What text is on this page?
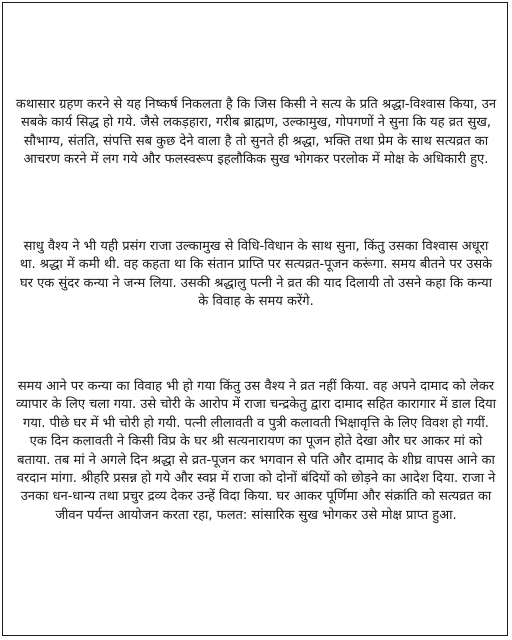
कथासार ग्रहण करने से यह निष्कर्ष निकलता है कि जिस किसी ने सत्य के प्रति श्रद्धा-विश्वास किया, उन सबके कार्य सिद्ध हो गये. जैसे लकड़हारा, गरीब ब्राह्मण, उल्कामुख, गोपगणों ने सुना कि यह व्रत सुख, सौभाग्य, संतति, संपत्ति सब कुछ देने वाला है तो सुनते ही श्रद्धा, भक्ति तथा प्रेम के साथ सत्यव्रत का आचरण करने में लग गये और फलस्वरूप इहलौकिक सुख भोगकर परलोक में मोक्ष के अधिकारी हुए.

साधु वैश्य ने भी यही प्रसंग राजा उल्कामुख से विधि-विधान के साथ सुना, किंतु उसका विश्वास अधूरा था. श्रद्धा में कमी थी. वह कहता था कि संतान प्राप्ति पर सत्यव्रत-पूजन करूंगा. समय बीतने पर उसके घर एक सुंदर कन्या ने जन्म लिया. उसकी श्रद्धालु पत्नी ने व्रत की याद दिलायी तो उसने कहा कि कन्या के विवाह के समय करेंगे.

समय आने पर कन्या का विवाह भी हो गया किंतु उस वैश्य ने व्रत नहीं किया. वह अपने दामाद को लेकर व्यापार के लिए चला गया. उसे चोरी के आरोप में राजा चन्द्रकेतु द्वारा दामाद सहित कारागार में डाल दिया गया. पीछे घर में भी चोरी हो गयी. पत्नी लीलावती व पुत्री कलावती भिक्षावृत्ति के लिए विवश हो गयीं. एक दिन कलावती ने किसी विप्र के घर श्री सत्यनारायण का पूजन होते देखा और घर आकर मां को बताया. तब मां ने अगले दिन श्रद्धा से व्रत-पूजन कर भगवान से पति और दामाद के शीघ्र वापस आने का वरदान मांगा. श्रीहरि प्रसन्न हो गये और स्वप्न में राजा को दोनों बंदियों को छोड़ने का आदेश दिया. राजा ने उनका धन-धान्य तथा प्रचुर द्रव्य देकर उन्हें विदा किया. घर आकर पूर्णिमा और संक्रांति को सत्यव्रत का जीवन पर्यन्त आयोजन करता रहा, फलत: सांसारिक सुख भोगकर उसे मोक्ष प्राप्त हुआ.
